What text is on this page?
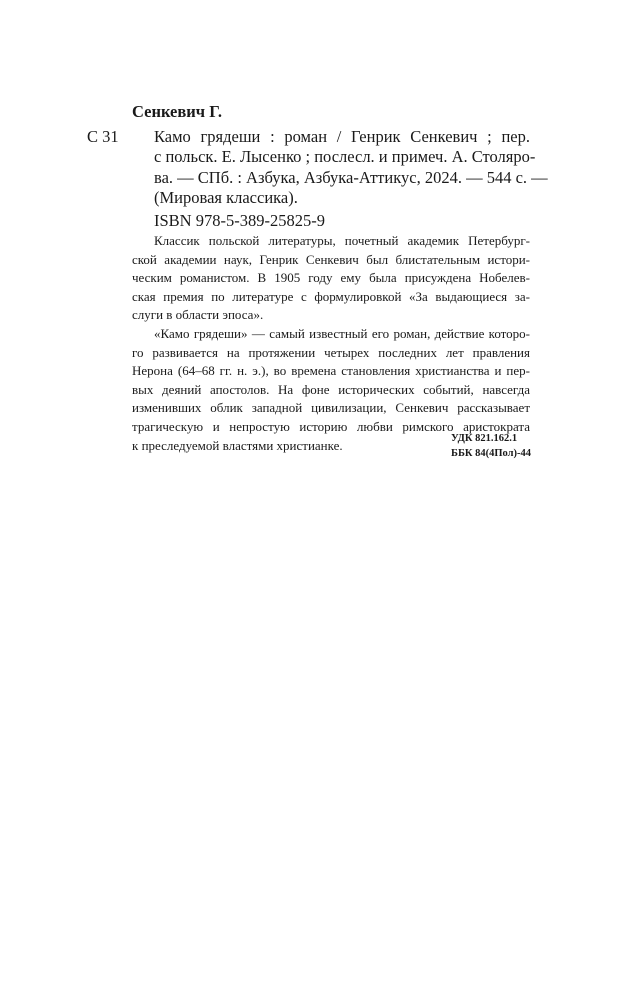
Сенкевич Г.
С 31 Камо грядеши : роман / Генрик Сенкевич ; пер.
с польск. Е. Лысенко ; послесл. и примеч. А. Столяро-
ва. — СПб. : Азбука, Азбука-Аттикус, 2024. — 544 с. —
(Мировая классика).
ISBN 978-5-389-25825-9
Классик польской литературы, почетный академик Петербург-
ской академии наук, Генрик Сенкевич был блистательным истори-
ческим романистом. В 1905 году ему была присуждена Нобелев-
ская премия по литературе с формулировкой «За выдающиеся за-
слуги в области эпоса».
«Камо грядеши» — самый известный его роман, действие которо-
го развивается на протяжении четырех последних лет правления
Нерона (64–68 гг. н. э.), во времена становления христианства и пер-
вых деяний апостолов. На фоне исторических событий, навсегда
изменивших облик западной цивилизации, Сенкевич рассказывает
трагическую и непростую историю любви римского аристократа
к преследуемой властями христианке.	УДК 821.162.1
ББК 84(4Пол)-44
